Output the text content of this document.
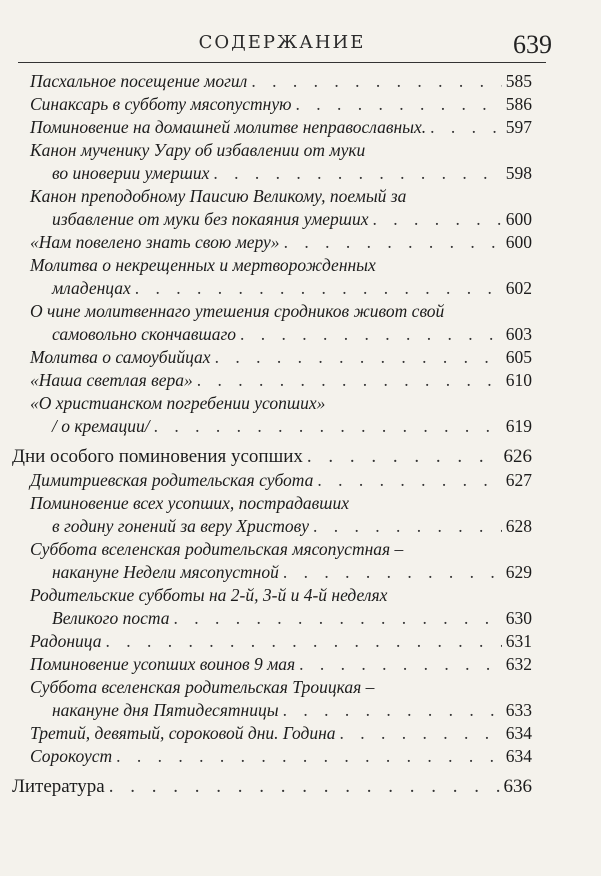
СОДЕРЖАНИЕ	639
Пасхальное посещение могил . . .	585
Синаксарь в субботу мясопустную . . .	586
Поминовение на домашней молитве неправославных. . . .	597
Канон мученику Уару об избавлении от муки
во иноверии умерших . . .	598
Канон преподобному Паисию Великому, поемый за
избавление от муки без покаяния умерших . . .	600
«Нам повелено знать свою меру» . . .	600
Молитва о некрещенных и мертворожденных
младенцах . . .	602
О чине молитвеннаго утешения сродников живот свой
самовольно скончавшаго . . .	603
Молитва о самоубийцах . . .	605
«Наша светлая вера» . . .	610
«О христианском погребении усопших»
/ о кремации/ . . .	619
Дни особого поминовения усопших . . .	626
Димитриевская родительская субота . . .	627
Поминовение всех усопших, пострадавших
в годину гонений за веру Христову . . .	628
Суббота вселенская родительская мясопустная –
накануне Недели мясопустной . . .	629
Родительские субботы на 2-й, 3-й и 4-й неделях
Великого поста . . .	630
Радоница . . .	631
Поминовение усопших воинов 9 мая . . .	632
Суббота вселенская родительская Троицкая –
накануне дня Пятидесятницы . . .	633
Третий, девятый, сороковой дни. Година . . .	634
Сорокоуст . . .	634
Литература . . .	636
